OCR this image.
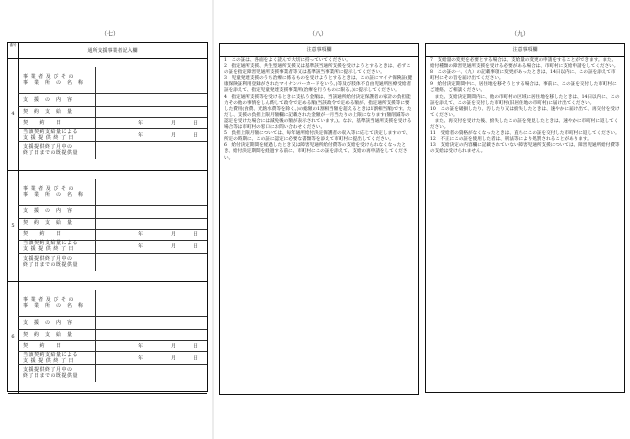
（七）	（八）	（九）
番号
通所支援事業者記入欄
4
事 業 者 及 び そ の
事　業　所　の　名　称
支　援　の　内　容
契　約　支　給　量
契　　約　　日	年	月	日
当該契約支給量による
支 援 提 供 終 了 日	年	月	日
支援提供終了月中の
終了日までの既提供量
5
事 業 者 及 び そ の
事　業　所　の　名　称
支　援　の　内　容
契　約　支　給　量
契　　約　　日	年	月	日
当該契約支給量による
支 援 提 供 終 了 日	年	月	日
支援提供終了月中の
終了日までの既提供量
6
事 業 者 及 び そ の
事　業　所　の　名　称
支　援　の　内　容
契　約　支　給　量
契　　約　　日	年	月	日
当該契約支給量による
支 援 提 供 終 了 日	年	月	日
支援提供終了月中の
終了日までの既提供量
注意事項欄

1　この証は、各面をよく読んで大切に持っていてください。

2　指定通所支援、共生型通所支援又は基準該当通所支援を受けようとするときは、必ずこの証を指定障害児通所支援事業者等又は基準該当事業所に提示してください。

3　児童発達支援のうち治療に係るものを受けようとするときは、この証にマイナ保険証(健康保険証利用登録がされたマイナンバーカードをいう。)等及び肢体不自由児通所医療受給者証を添えて、指定児童発達支援事業所(治療を行うものに限る。)に提示してください。

4　指定通所支援等を受けるときに支払う金額は、当該通所給付決定保護者の家計の負担能力その他の事情をしん酌して政令で定める額(当該政令で定める額が、指定通所支援等に要した費用(食費、光熱水費等を除く。)の総額の1割相当額を超えるときは1割相当額)です。ただし、支援の負担上限月額欄に記載された金額が一月当たりの上限になります(額削減等の認定を受けた場合には減免後の額が表示されています。)。なお、基準該当通所支援を受ける場合等は市町村の窓口にお問い合わせください。

5　負担上限月額については、毎年通所給付決定保護者の収入等に応じて決定しますので、所定の時期に、この証に認定に必要な書類等を添えて市町村に提出してください。

6　給付決定期間を経過したとき又は障害児通所給付費等の支給を受けられなくなったとき、給付決定期間を経過する前に、市町村にこの証を添えて、支給の再申請をしてください。

注意事項欄

7　支給量の変更を必要とする場合は、支給量の変更の申請をすることができます。また、給付種類の障害児通所支援を受ける必要がある場合は、市町村に支給申請をしてください。

8　この証の一、（九）の記載事項に変更があったときは、14日以内に、この証を添えて市町村にその旨を届け出てください。

9　給付決定期間中に、居住地を移そうとする場合は、事前に、この証を交付した市町村にご連絡、ご相談ください。

　また、支給決定期間内に、他の市町村の区域に居住地を移したときは、14日以内に、この証を添えて、この証を交付した市町村(旧居住地の市町村)に届け出てください。

10　この証を破損したり、汚したり又は紛失したときは、速やかに届け出て、再交付を受けてください。

　また、再交付を受けた後、紛失したこの証を発見したときは、速やかに市町村に返してください。

11　受給者の資格がなくなったときは、直ちにこの証を交付した市町村に返してください。

12　不正にこの証を使用した者は、刑法等により処罰されることがあります。

13　支給決定の内容欄に記載されていない障害児通所支援については、障害児通所給付費等の支給は受けられません。
